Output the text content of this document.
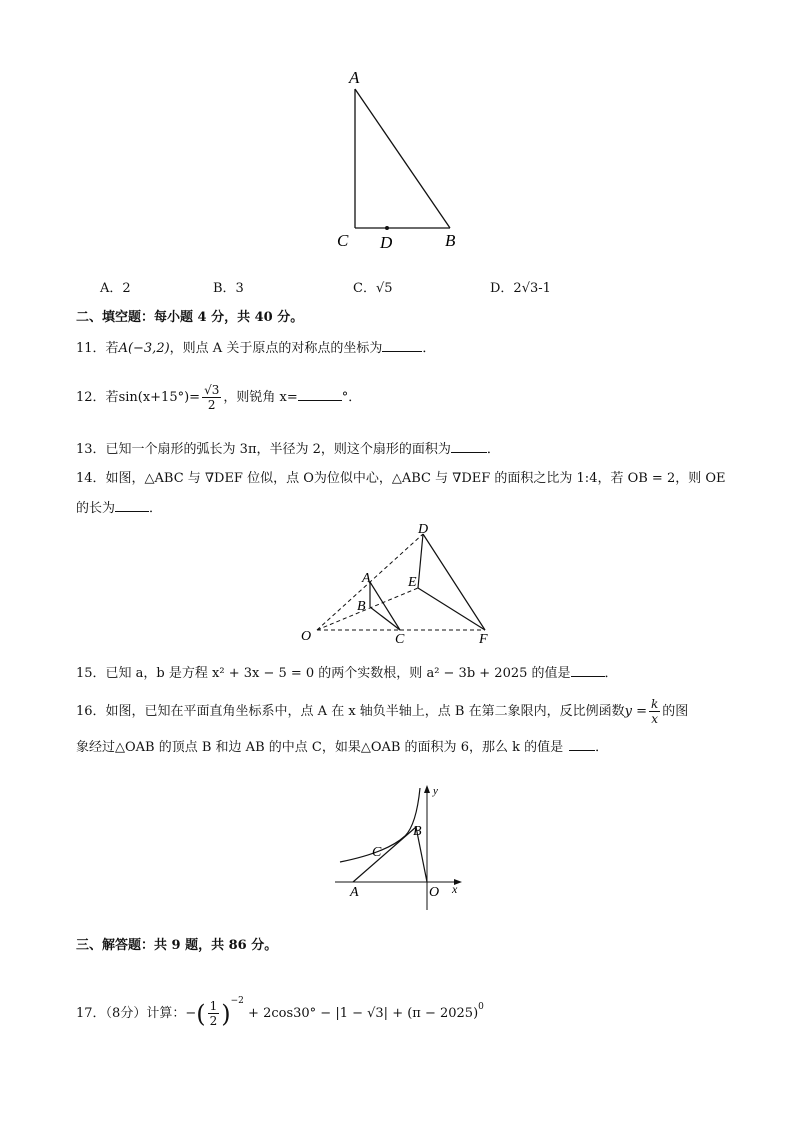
A
C D	B
A．2	B．3	C．√5	D．2√3-1
二、填空题：每小题 4 分，共 40 分。
11．若A(−3,2)，则点 A 关于原点的对称点的坐标为	．
12．若$\sin(x+15^\circ)= \frac{√3}{2}$ ，则锐角 x=	°．
13．已知一个扇形的弧长为 3π，半径为 2，则这个扇形的面积为	．
14．如图，△ABC 与 ∇DEF 位似，点 O为位似中心，△ABC 与 ∇DEF 的面积之比为 1:4，若 OB = 2，则 OE
的长为	．
O
A
B
C
D
E
F
15．已知 a，b 是方程 x² + 3x − 5 = 0 的两个实数根，则 a² − 3b + 2025 的值是	．
16．如图，已知在平面直角坐标系中，点 A 在 x 轴负半轴上，点 B 在第二象限内，反比例函数$y = \frac{k}{x}$ 的图
象经过△OAB 的顶点 B 和边 AB 的中点 C，如果△OAB 的面积为 6，那么 k 的值是 ．
y
x
O
A
B
C
三、解答题：共 9 题，共 86 分。
17．（8分）计算：−( $\frac{1}{2} )^{-2} + 2\cos 30^\circ - |1 - √3| + (\pi - 2025)^0$
